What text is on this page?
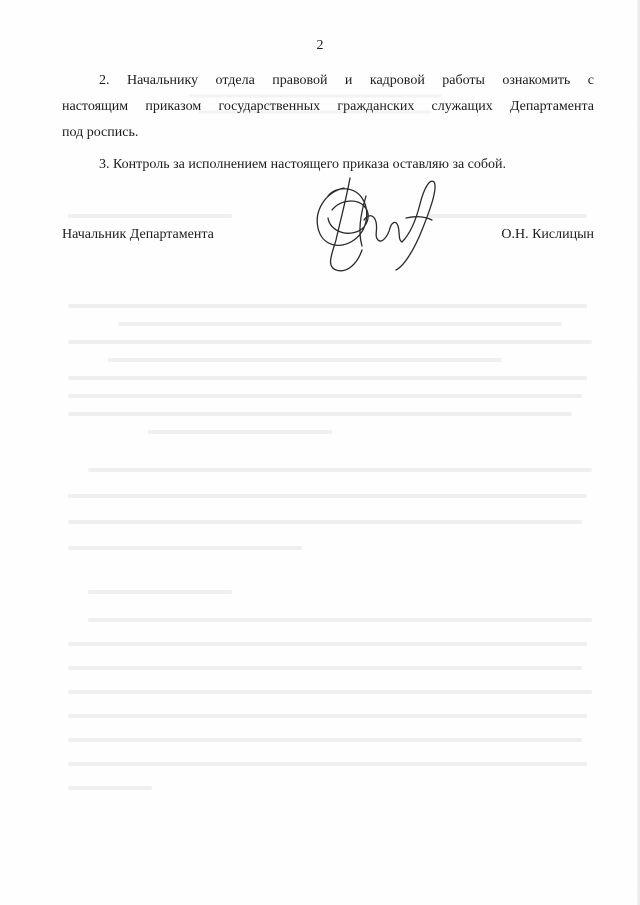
2

2. Начальнику отдела правовой и кадровой работы ознакомить с
настоящим приказом государственных гражданских служащих Департамента
под роспись.

3. Контроль за исполнением настоящего приказа оставляю за собой.

Начальник Департамента	О.Н. Кислицын
